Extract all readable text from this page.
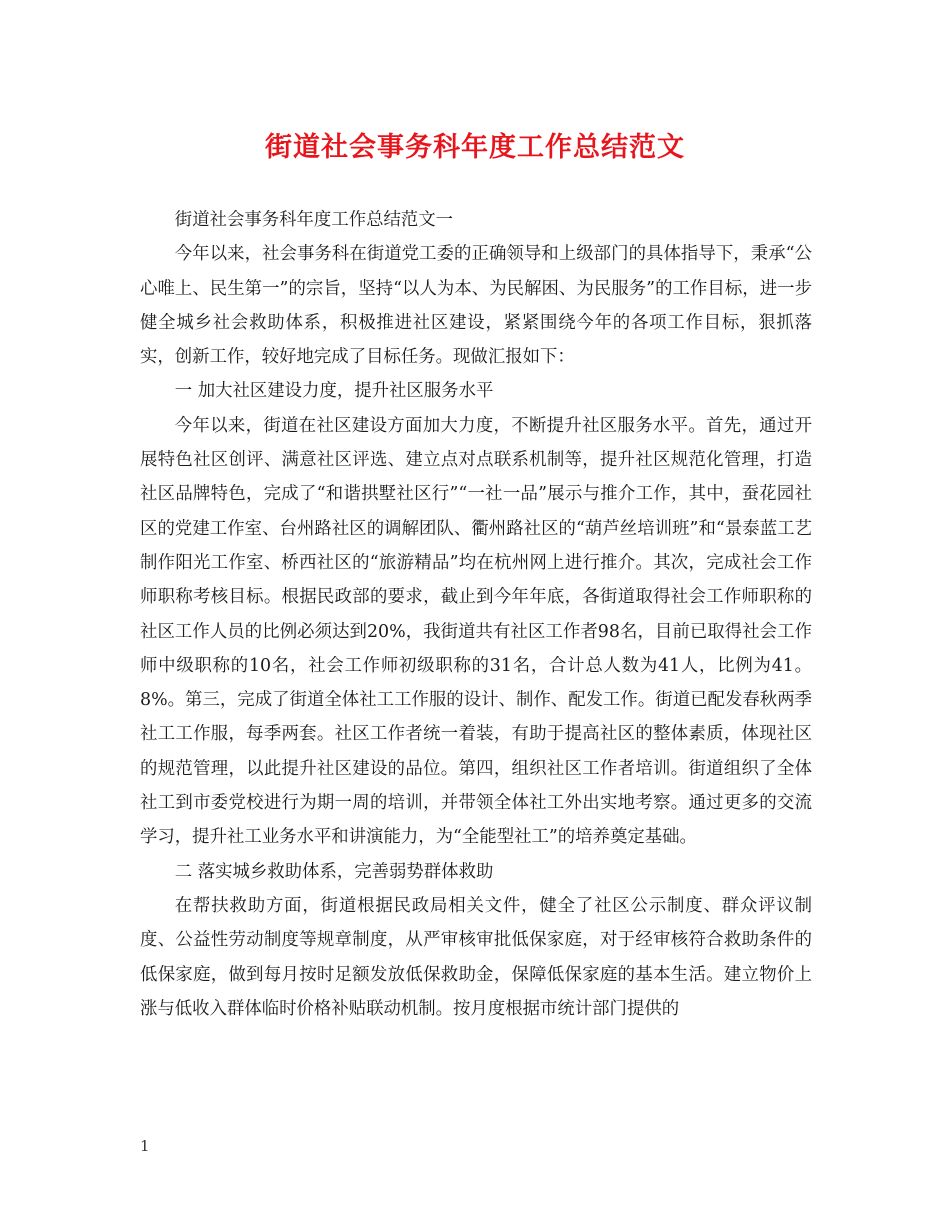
街道社会事务科年度工作总结范文

街道社会事务科年度工作总结范文一

今年以来，社会事务科在街道党工委的正确领导和上级部门的具体指导下，秉承“公心唯上、民生第一”的宗旨，坚持“以人为本、为民解困、为民服务”的工作目标，进一步健全城乡社会救助体系，积极推进社区建设，紧紧围绕今年的各项工作目标，狠抓落实，创新工作，较好地完成了目标任务。现做汇报如下：

一 加大社区建设力度，提升社区服务水平

今年以来，街道在社区建设方面加大力度，不断提升社区服务水平。首先，通过开展特色社区创评、满意社区评选、建立点对点联系机制等，提升社区规范化管理，打造社区品牌特色，完成了“和谐拱墅社区行”“一社一品”展示与推介工作，其中，蚕花园社区的党建工作室、台州路社区的调解团队、衢州路社区的“葫芦丝培训班”和“景泰蓝工艺制作阳光工作室、桥西社区的“旅游精品”均在杭州网上进行推介。其次，完成社会工作师职称考核目标。根据民政部的要求，截止到今年年底，各街道取得社会工作师职称的社区工作人员的比例必须达到20%，我街道共有社区工作者98名，目前已取得社会工作师中级职称的10名，社会工作师初级职称的31名，合计总人数为41人，比例为41。8%。第三，完成了街道全体社工工作服的设计、制作、配发工作。街道已配发春秋两季社工工作服，每季两套。社区工作者统一着装，有助于提高社区的整体素质，体现社区的规范管理，以此提升社区建设的品位。第四，组织社区工作者培训。街道组织了全体社工到市委党校进行为期一周的培训，并带领全体社工外出实地考察。通过更多的交流学习，提升社工业务水平和讲演能力，为“全能型社工”的培养奠定基础。

二 落实城乡救助体系，完善弱势群体救助

在帮扶救助方面，街道根据民政局相关文件，健全了社区公示制度、群众评议制度、公益性劳动制度等规章制度，从严审核审批低保家庭，对于经审核符合救助条件的低保家庭，做到每月按时足额发放低保救助金，保障低保家庭的基本生活。建立物价上涨与低收入群体临时价格补贴联动机制。按月度根据市统计部门提供的

1
